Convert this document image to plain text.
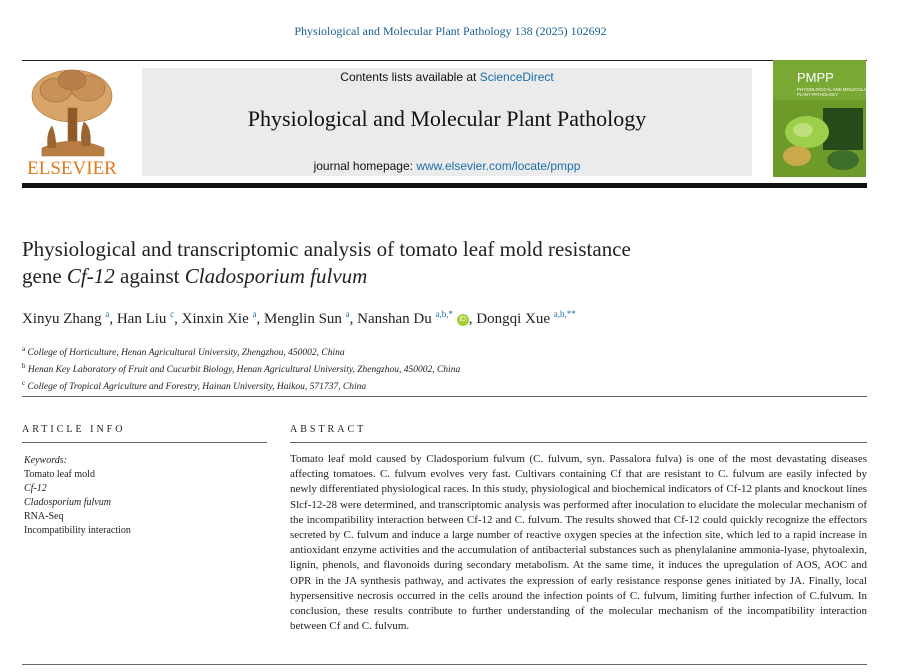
Physiological and Molecular Plant Pathology 138 (2025) 102692
ELSEVIER
Contents lists available at ScienceDirect
Physiological and Molecular Plant Pathology
journal homepage: www.elsevier.com/locate/pmpp
PMPP
PHYSIOLOGICAL AND MOLECULAR
PLANT PATHOLOGY
Physiological and transcriptomic analysis of tomato leaf mold resistance
gene Cf-12 against Cladosporium fulvum
Xinyu Zhang $^a$, Han Liu $^c$, Xinxin Xie $^a$, Menglin Sun $^a$, Nanshan Du $^{a,b,*}$ iD , Dongqi Xue $^{a,b,**}$
$^a$ College of Horticulture, Henan Agricultural University, Zhengzhou, 450002, China
$^b$ Henan Key Laboratory of Fruit and Cucurbit Biology, Henan Agricultural University, Zhengzhou, 450002, China
$^c$ College of Tropical Agriculture and Forestry, Hainan University, Haikou, 571737, China
ARTICLE INFO
Keywords:
Tomato leaf mold
Cf-12
Cladosporium fulvum
RNA-Seq
Incompatibility interaction
ABSTRACT
Tomato leaf mold caused by Cladosporium fulvum (C. fulvum, syn. Passalora fulva) is one of the most devastating diseases affecting tomatoes. C. fulvum evolves very fast. Cultivars containing Cf that are resistant to C. fulvum are easily infected by newly differentiated physiological races. In this study, physiological and biochemical indicators of Cf-12 plants and knockout lines Slcf-12-28 were determined, and transcriptomic analysis was performed after inoculation to elucidate the molecular mechanism of the incompatibility interaction between Cf-12 and C. fulvum. The results showed that Cf-12 could quickly recognize the effectors secreted by C. fulvum and induce a large number of reactive oxygen species at the infection site, which led to a rapid increase in antioxidant enzyme activities and the accumulation of antibacterial substances such as phenylalanine ammonia-lyase, phytoalexin, lignin, phenols, and flavonoids during secondary metabolism. At the same time, it induces the upregulation of AOS, AOC and OPR in the JA synthesis pathway, and activates the expression of early resistance response genes initiated by JA. Finally, local hypersensitive necrosis occurred in the cells around the infection points of C. fulvum, limiting further infection of C.fulvum. In conclusion, these results contribute to further understanding of the molecular mechanism of the incompatibility interaction between Cf and C. fulvum.
